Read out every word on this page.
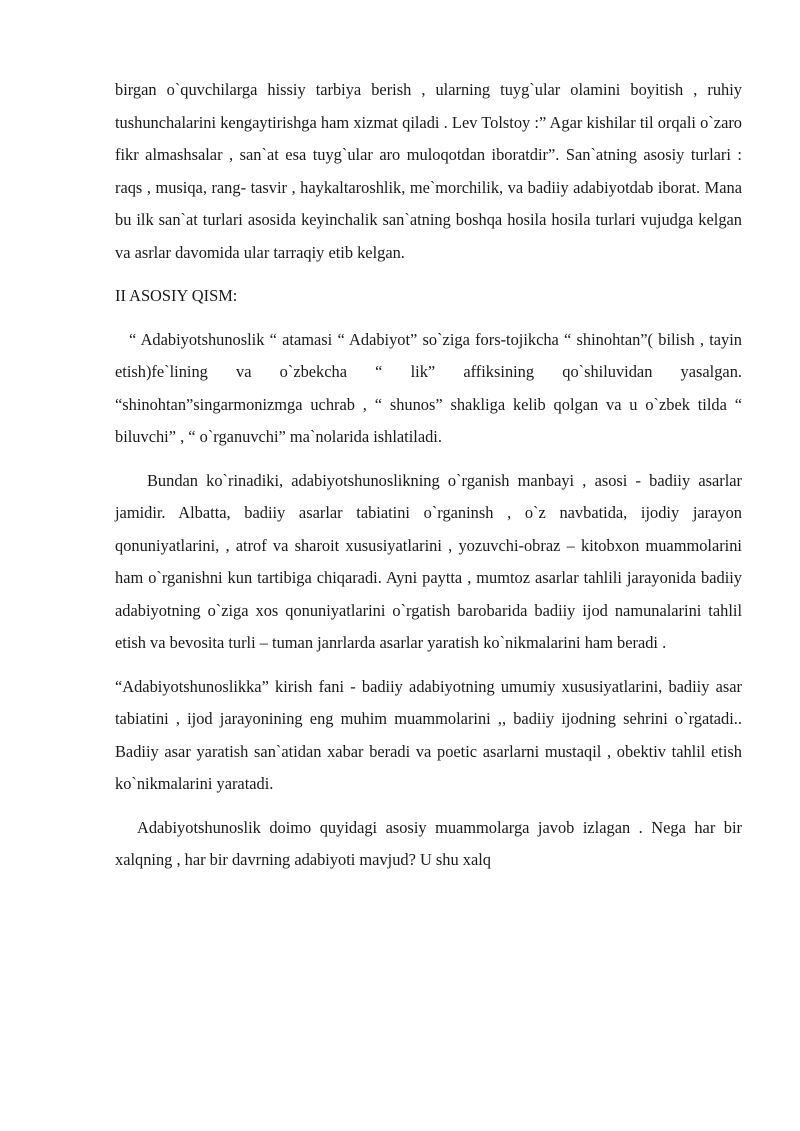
birgan o`quvchilarga hissiy tarbiya berish , ularning tuyg`ular olamini boyitish , ruhiy tushunchalarini kengaytirishga ham xizmat qiladi . Lev Tolstoy :” Agar kishilar til orqali o`zaro fikr almashsalar , san`at esa tuyg`ular aro muloqotdan iboratdir”. San`atning asosiy turlari : raqs , musiqa, rang- tasvir , haykaltaroshlik, me`morchilik, va badiiy adabiyotdab iborat. Mana bu ilk san`at turlari asosida keyinchalik san`atning boshqa hosila hosila turlari vujudga kelgan va asrlar davomida ular tarraqiy etib kelgan.

II ASOSIY QISM:

“ Adabiyotshunoslik “ atamasi “ Adabiyot” so`ziga fors-tojikcha “ shinohtan”( bilish , tayin etish)fe`lining va o`zbekcha “ lik” affiksining qo`shiluvidan yasalgan. “shinohtan”singarmonizmga uchrab , “ shunos” shakliga kelib qolgan va u o`zbek tilda “ biluvchi” , “ o`rganuvchi” ma`nolarida ishlatiladi.

Bundan ko`rinadiki, adabiyotshunoslikning o`rganish manbayi , asosi - badiiy asarlar jamidir. Albatta, badiiy asarlar tabiatini o`rganinsh , o`z navbatida, ijodiy jarayon qonuniyatlarini, , atrof va sharoit xususiyatlarini , yozuvchi-obraz – kitobxon muammolarini ham o`rganishni kun tartibiga chiqaradi. Ayni paytta , mumtoz asarlar tahlili jarayonida badiiy adabiyotning o`ziga xos qonuniyatlarini o`rgatish barobarida badiiy ijod namunalarini tahlil etish va bevosita turli – tuman janrlarda asarlar yaratish ko`nikmalarini ham beradi .

“Adabiyotshunoslikka” kirish fani - badiiy adabiyotning umumiy xususiyatlarini, badiiy asar tabiatini , ijod jarayonining eng muhim muammolarini ,, badiiy ijodning sehrini o`rgatadi.. Badiiy asar yaratish san`atidan xabar beradi va poetic asarlarni mustaqil , obektiv tahlil etish ko`nikmalarini yaratadi.

Adabiyotshunoslik doimo quyidagi asosiy muammolarga javob izlagan . Nega har bir xalqning , har bir davrning adabiyoti mavjud? U shu xalq
